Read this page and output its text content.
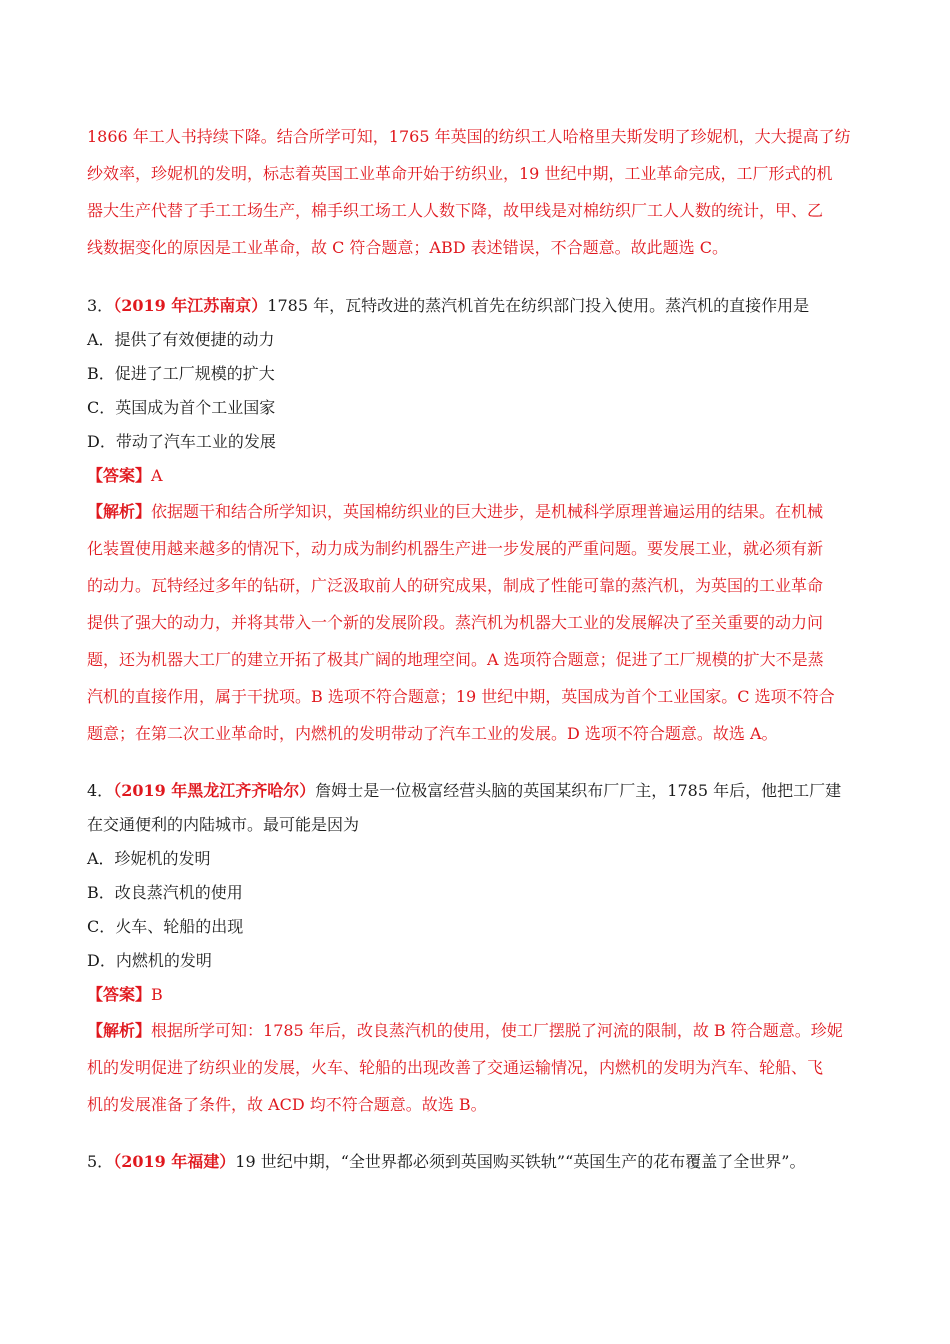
1866 年工人书持续下降。结合所学可知，1765 年英国的纺织工人哈格里夫斯发明了珍妮机，大大提高了纺

纱效率，珍妮机的发明，标志着英国工业革命开始于纺织业，19 世纪中期，工业革命完成，工厂形式的机

器大生产代替了手工工场生产，棉手织工场工人人数下降，故甲线是对棉纺织厂工人人数的统计，甲、乙

线数据变化的原因是工业革命，故 C 符合题意；ABD 表述错误，不合题意。故此题选 C。

3．（2019 年江苏南京）1785 年，瓦特改进的蒸汽机首先在纺织部门投入使用。蒸汽机的直接作用是

A．提供了有效便捷的动力

B．促进了工厂规模的扩大

C．英国成为首个工业国家

D．带动了汽车工业的发展

【答案】A

【解析】依据题干和结合所学知识，英国棉纺织业的巨大进步，是机械科学原理普遍运用的结果。在机械

化装置使用越来越多的情况下，动力成为制约机器生产进一步发展的严重问题。要发展工业，就必须有新

的动力。瓦特经过多年的钻研，广泛汲取前人的研究成果，制成了性能可靠的蒸汽机，为英国的工业革命

提供了强大的动力，并将其带入一个新的发展阶段。蒸汽机为机器大工业的发展解决了至关重要的动力问

题，还为机器大工厂的建立开拓了极其广阔的地理空间。A 选项符合题意；促进了工厂规模的扩大不是蒸

汽机的直接作用，属于干扰项。B 选项不符合题意；19 世纪中期，英国成为首个工业国家。C 选项不符合

题意；在第二次工业革命时，内燃机的发明带动了汽车工业的发展。D 选项不符合题意。故选 A。

4．（2019 年黑龙江齐齐哈尔）詹姆士是一位极富经营头脑的英国某织布厂厂主，1785 年后，他把工厂建

在交通便利的内陆城市。最可能是因为

A．珍妮机的发明

B．改良蒸汽机的使用

C．火车、轮船的出现

D．内燃机的发明

【答案】B

【解析】根据所学可知：1785 年后，改良蒸汽机的使用，使工厂摆脱了河流的限制，故 B 符合题意。珍妮

机的发明促进了纺织业的发展，火车、轮船的出现改善了交通运输情况，内燃机的发明为汽车、轮船、飞

机的发展准备了条件，故 ACD 均不符合题意。故选 B。

5．（2019 年福建）19 世纪中期，“全世界都必须到英国购买铁轨”“英国生产的花布覆盖了全世界”。
